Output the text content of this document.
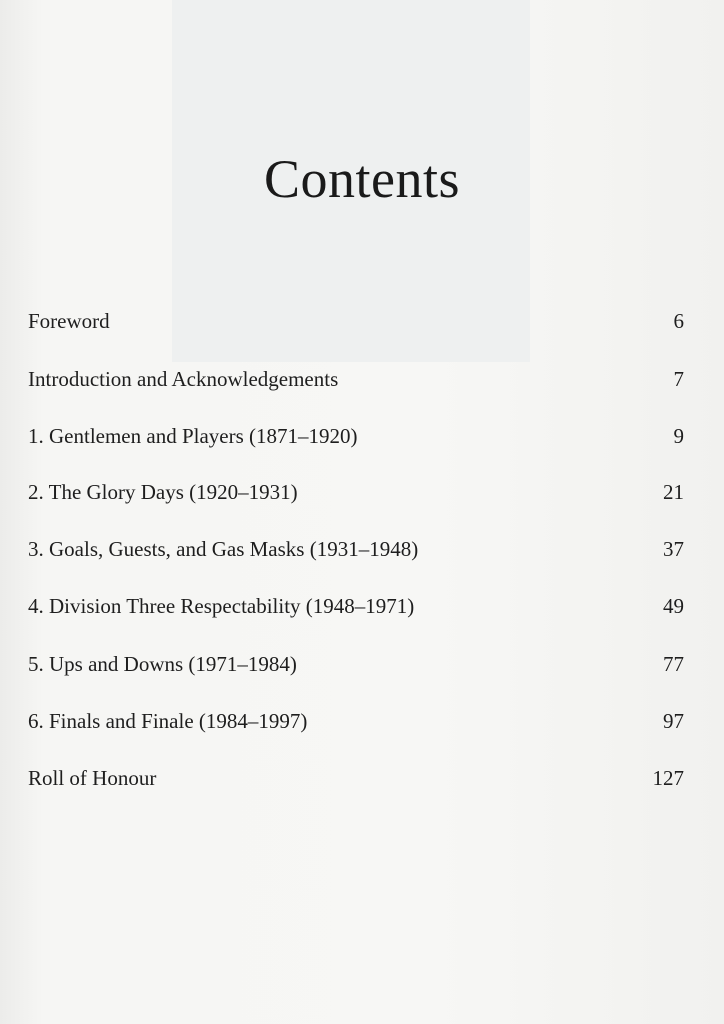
Contents
Foreword	6
Introduction and Acknowledgements	7
1. Gentlemen and Players (1871–1920)	9
2. The Glory Days (1920–1931)	21
3. Goals, Guests, and Gas Masks (1931–1948)	37
4. Division Three Respectability (1948–1971)	49
5. Ups and Downs (1971–1984)	77
6. Finals and Finale (1984–1997)	97
Roll of Honour	127
